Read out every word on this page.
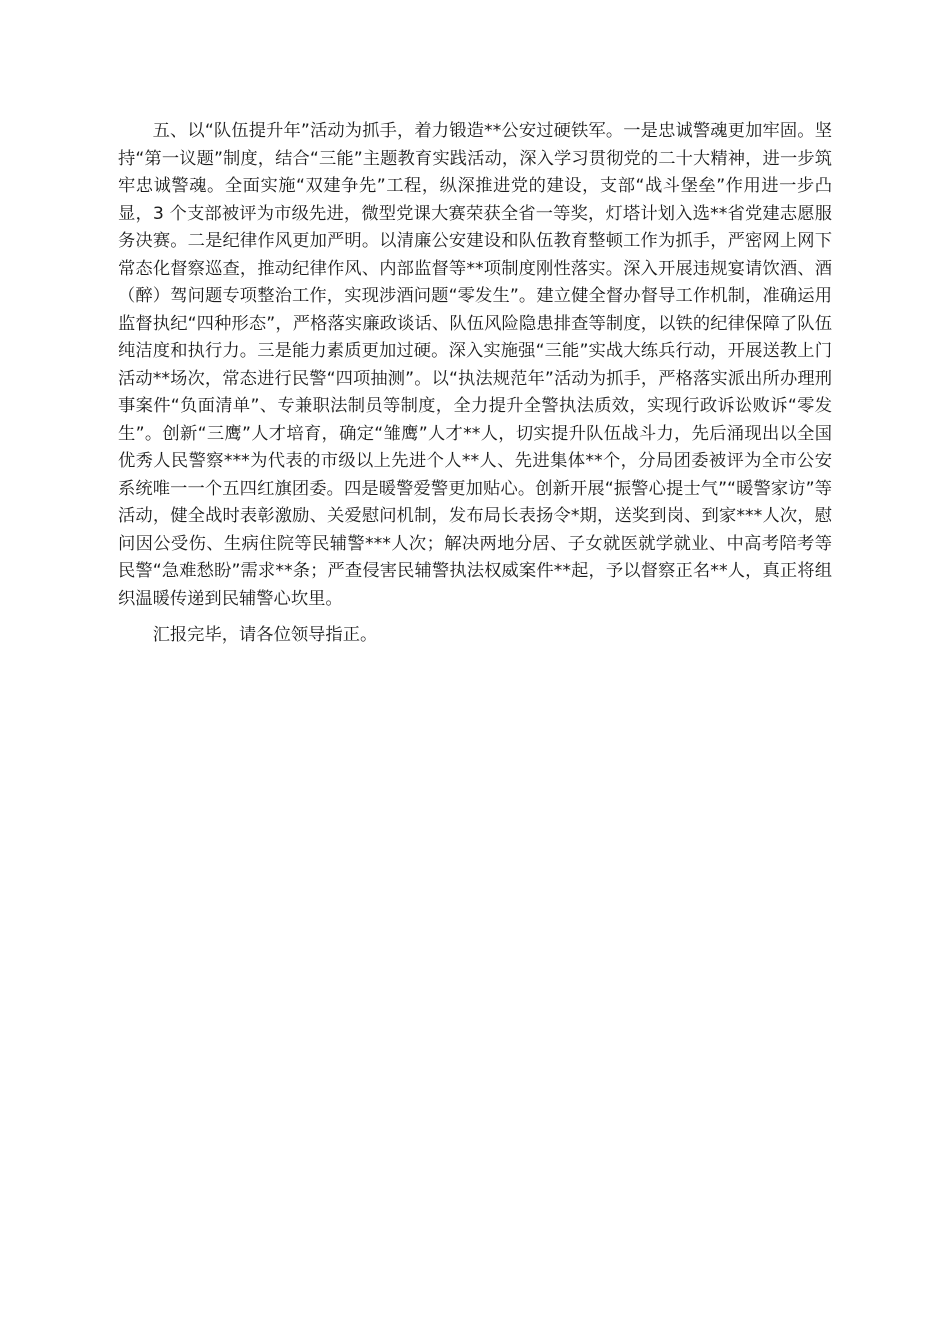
五、以“队伍提升年”活动为抓手，着力锻造**公安过硬铁军。一是忠诚警魂更加牢固。坚持“第一议题”制度，结合“三能”主题教育实践活动，深入学习贯彻党的二十大精神，进一步筑牢忠诚警魂。全面实施“双建争先”工程，纵深推进党的建设，支部“战斗堡垒”作用进一步凸显，3 个支部被评为市级先进，微型党课大赛荣获全省一等奖，灯塔计划入选**省党建志愿服务决赛。二是纪律作风更加严明。以清廉公安建设和队伍教育整顿工作为抓手，严密网上网下常态化督察巡查，推动纪律作风、内部监督等**项制度刚性落实。深入开展违规宴请饮酒、酒（醉）驾问题专项整治工作，实现涉酒问题“零发生”。建立健全督办督导工作机制，准确运用监督执纪“四种形态”，严格落实廉政谈话、队伍风险隐患排查等制度，以铁的纪律保障了队伍纯洁度和执行力。三是能力素质更加过硬。深入实施强“三能”实战大练兵行动，开展送教上门活动**场次，常态进行民警“四项抽测”。以“执法规范年”活动为抓手，严格落实派出所办理刑事案件“负面清单”、专兼职法制员等制度，全力提升全警执法质效，实现行政诉讼败诉“零发生”。创新“三鹰”人才培育，确定“雏鹰”人才**人，切实提升队伍战斗力，先后涌现出以全国优秀人民警察***为代表的市级以上先进个人**人、先进集体**个，分局团委被评为全市公安系统唯一一个五四红旗团委。四是暖警爱警更加贴心。创新开展“振警心提士气”“暖警家访”等活动，健全战时表彰激励、关爱慰问机制，发布局长表扬令*期，送奖到岗、到家***人次，慰问因公受伤、生病住院等民辅警***人次；解决两地分居、子女就医就学就业、中高考陪考等民警“急难愁盼”需求**条；严查侵害民辅警执法权威案件**起，予以督察正名**人，真正将组织温暖传递到民辅警心坎里。

汇报完毕，请各位领导指正。
